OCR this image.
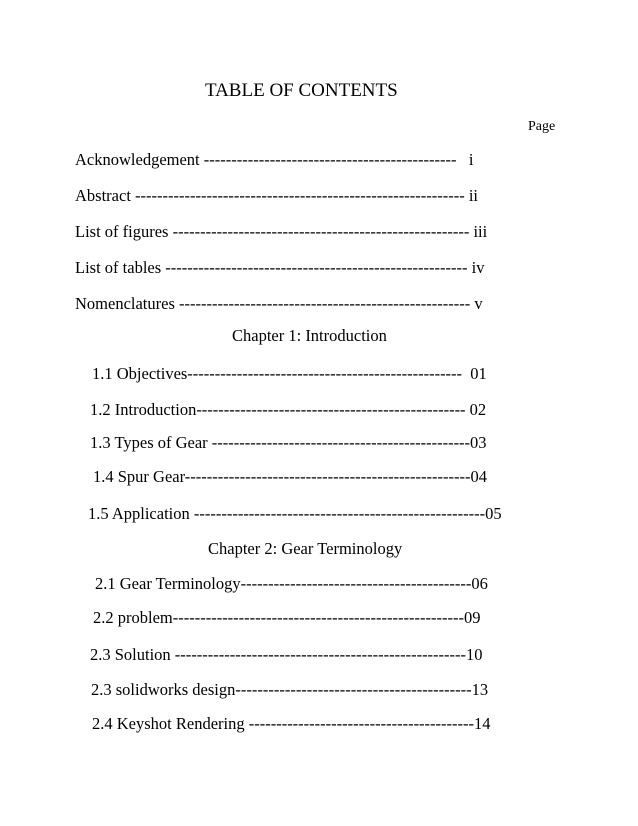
TABLE OF CONTENTS
Page
Acknowledgement ----------------------------------------------   i
Abstract ------------------------------------------------------------ ii
List of figures ------------------------------------------------------ iii
List of tables ------------------------------------------------------- iv
Nomenclatures ----------------------------------------------------- v
Chapter 1: Introduction
1.1 Objectives--------------------------------------------------  01
1.2 Introduction------------------------------------------------- 02
1.3 Types of Gear -----------------------------------------------03
1.4 Spur Gear----------------------------------------------------04
1.5 Application -----------------------------------------------------05
Chapter 2: Gear Terminology
2.1 Gear Terminology------------------------------------------06
2.2 problem-----------------------------------------------------09
2.3 Solution -----------------------------------------------------10
2.3 solidworks design-------------------------------------------13
2.4 Keyshot Rendering -----------------------------------------14
